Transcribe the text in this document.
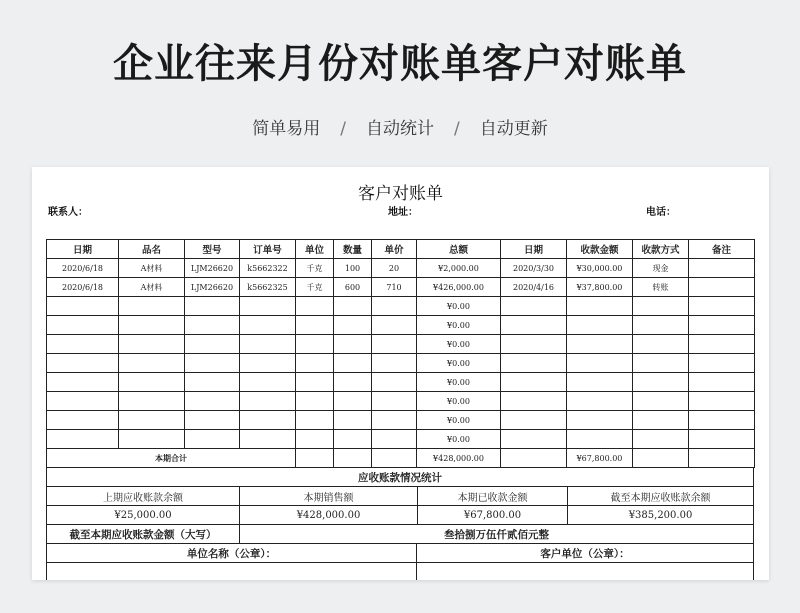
企业往来月份对账单客户对账单
简单易用 / 自动统计 / 自动更新
客户对账单
联系人：	地址：	电话：
日期	品名	型号	订单号	单位	数量	单价	总额	日期	收款金额	收款方式	备注
2020/6/18	A材料	LJM26620	k5662322	千克	100	20	¥2,000.00	2020/3/30	¥30,000.00	现金	
2020/6/18	A材料	LJM26620	k5662325	千克	600	710	¥426,000.00	2020/4/16	¥37,800.00	转账	
							¥0.00				
							¥0.00				
							¥0.00				
							¥0.00				
							¥0.00				
							¥0.00				
							¥0.00				
							¥0.00				
本期合计							¥428,000.00		¥67,800.00		
应收账款情况统计
上期应收账款余额	本期销售额	本期已收款金额	截至本期应收账款余额
¥25,000.00	¥428,000.00	¥67,800.00	¥385,200.00
截至本期应收账款金额（大写）	叁拾捌万伍仟贰佰元整
单位名称（公章）：	客户单位（公章）：
